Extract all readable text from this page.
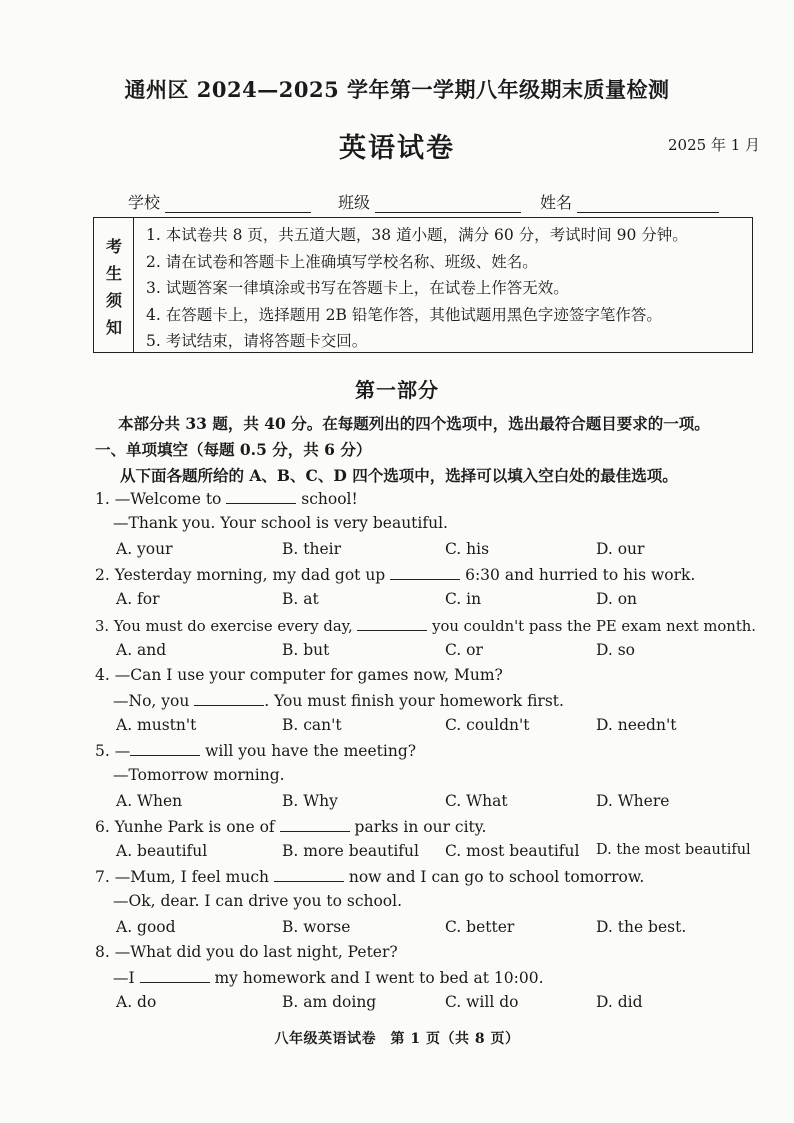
通州区 2024—2025 学年第一学期八年级期末质量检测
英语试卷	2025 年 1 月
学校	班级	姓名
考
生
须
知
1. 本试卷共 8 页，共五道大题，38 道小题，满分 60 分，考试时间 90 分钟。
2. 请在试卷和答题卡上准确填写学校名称、班级、姓名。
3. 试题答案一律填涂或书写在答题卡上，在试卷上作答无效。
4. 在答题卡上，选择题用 2B 铅笔作答，其他试题用黑色字迹签字笔作答。
5. 考试结束，请将答题卡交回。
第一部分
本部分共 33 题，共 40 分。在每题列出的四个选项中，选出最符合题目要求的一项。
一、单项填空（每题 0.5 分，共 6 分）
从下面各题所给的 A、B、C、D 四个选项中，选择可以填入空白处的最佳选项。
1. —Welcome to	school!
—Thank you. Your school is very beautiful.
A. your	B. their	C. his	D. our
2. Yesterday morning, my dad got up	6:30 and hurried to his work.
A. for	B. at	C. in	D. on
3. You must do exercise every day,	you couldn't pass the PE exam next month.
A. and	B. but	C. or	D. so
4. —Can I use your computer for games now, Mum?
—No, you	. You must finish your homework first.
A. mustn't	B. can't	C. couldn't	D. needn't
5. —	will you have the meeting?
—Tomorrow morning.
A. When	B. Why	C. What	D. Where
6. Yunhe Park is one of	parks in our city.
A. beautiful	B. more beautiful C. most beautiful D. the most beautiful
7. —Mum, I feel much	now and I can go to school tomorrow.
—Ok, dear. I can drive you to school.
A. good	B. worse	C. better	D. the best.
8. —What did you do last night, Peter?
—I	my homework and I went to bed at 10:00.
A. do	B. am doing	C. will do	D. did
八年级英语试卷　第 1 页（共 8 页）
